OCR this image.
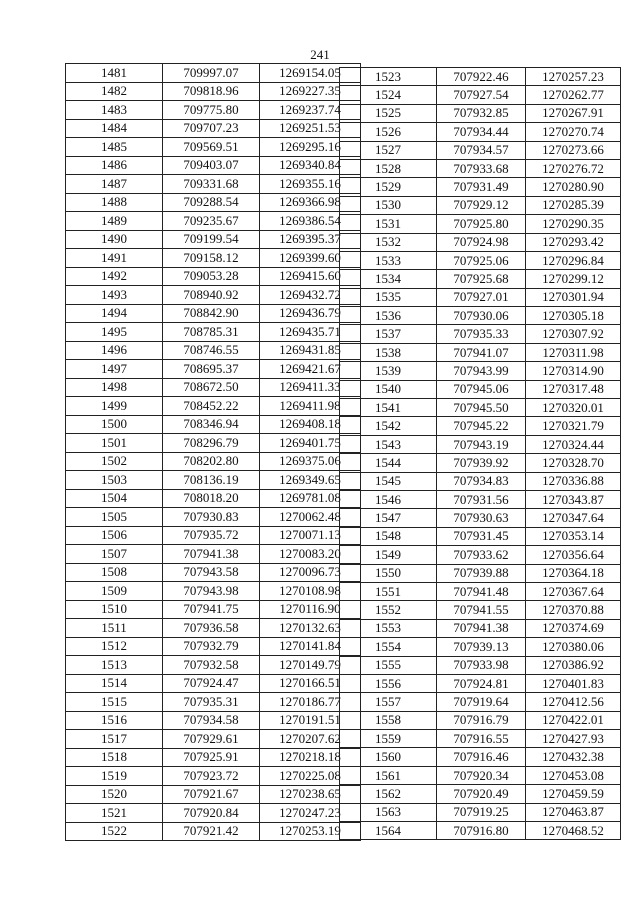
241
1481	709997.07	1269154.05
1482	709818.96	1269227.35
1483	709775.80	1269237.74
1484	709707.23	1269251.53
1485	709569.51	1269295.16
1486	709403.07	1269340.84
1487	709331.68	1269355.16
1488	709288.54	1269366.98
1489	709235.67	1269386.54
1490	709199.54	1269395.37
1491	709158.12	1269399.60
1492	709053.28	1269415.60
1493	708940.92	1269432.72
1494	708842.90	1269436.79
1495	708785.31	1269435.71
1496	708746.55	1269431.85
1497	708695.37	1269421.67
1498	708672.50	1269411.33
1499	708452.22	1269411.98
1500	708346.94	1269408.18
1501	708296.79	1269401.75
1502	708202.80	1269375.06
1503	708136.19	1269349.65
1504	708018.20	1269781.08
1505	707930.83	1270062.48
1506	707935.72	1270071.13
1507	707941.38	1270083.20
1508	707943.58	1270096.73
1509	707943.98	1270108.98
1510	707941.75	1270116.90
1511	707936.58	1270132.63
1512	707932.79	1270141.84
1513	707932.58	1270149.79
1514	707924.47	1270166.51
1515	707935.31	1270186.77
1516	707934.58	1270191.51
1517	707929.61	1270207.62
1518	707925.91	1270218.18
1519	707923.72	1270225.08
1520	707921.67	1270238.65
1521	707920.84	1270247.23
1522	707921.42	1270253.19
1523	707922.46	1270257.23
1524	707927.54	1270262.77
1525	707932.85	1270267.91
1526	707934.44	1270270.74
1527	707934.57	1270273.66
1528	707933.68	1270276.72
1529	707931.49	1270280.90
1530	707929.12	1270285.39
1531	707925.80	1270290.35
1532	707924.98	1270293.42
1533	707925.06	1270296.84
1534	707925.68	1270299.12
1535	707927.01	1270301.94
1536	707930.06	1270305.18
1537	707935.33	1270307.92
1538	707941.07	1270311.98
1539	707943.99	1270314.90
1540	707945.06	1270317.48
1541	707945.50	1270320.01
1542	707945.22	1270321.79
1543	707943.19	1270324.44
1544	707939.92	1270328.70
1545	707934.83	1270336.88
1546	707931.56	1270343.87
1547	707930.63	1270347.64
1548	707931.45	1270353.14
1549	707933.62	1270356.64
1550	707939.88	1270364.18
1551	707941.48	1270367.64
1552	707941.55	1270370.88
1553	707941.38	1270374.69
1554	707939.13	1270380.06
1555	707933.98	1270386.92
1556	707924.81	1270401.83
1557	707919.64	1270412.56
1558	707916.79	1270422.01
1559	707916.55	1270427.93
1560	707916.46	1270432.38
1561	707920.34	1270453.08
1562	707920.49	1270459.59
1563	707919.25	1270463.87
1564	707916.80	1270468.52
